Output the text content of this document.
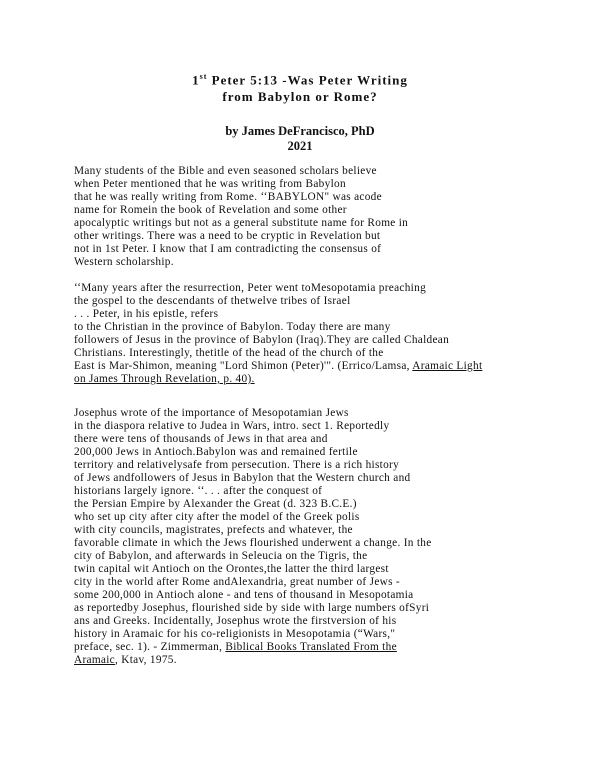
1st Peter 5:13 -Was Peter Writing
from Babylon or Rome?
by James DeFrancisco, PhD
2021
Many students of the Bible and even seasoned scholars believe
when Peter mentioned that he was writing from Babylon
that he was really writing from Rome. ‘‘BABYLON" was acode
name for Romein the book of Revelation and some other
apocalyptic writings but not as a general substitute name for Rome in
other writings. There was a need to be cryptic in Revelation but
not in 1st Peter. I know that I am contradicting the consensus of
Western scholarship.
‘‘Many years after the resurrection, Peter went toMesopotamia preaching
the gospel to the descendants of thetwelve tribes of Israel
. . . Peter, in his epistle, refers
to the Christian in the province of Babylon. Today there are many
followers of Jesus in the province of Babylon (Iraq).They are called Chaldean
Christians. Interestingly, thetitle of the head of the church of the
East is Mar-Shimon, meaning "Lord Shimon (Peter)'". (Errico/Lamsa, Aramaic Light
on James Through Revelation, p. 40).
Josephus wrote of the importance of Mesopotamian Jews
in the diaspora relative to Judea in Wars, intro. sect 1. Reportedly
there were tens of thousands of Jews in that area and
200,000 Jews in Antioch.Babylon was and remained fertile
territory and relativelysafe from persecution. There is a rich history
of Jews andfollowers of Jesus in Babylon that the Western church and
historians largely ignore. ‘‘. . . after the conquest of
the Persian Empire by Alexander the Great (d. 323 B.C.E.)
who set up city after city after the model of the Greek polis
with city councils, magistrates, prefects and whatever, the
favorable climate in which the Jews flourished underwent a change. In the
city of Babylon, and afterwards in Seleucia on the Tigris, the
twin capital wit Antioch on the Orontes,the latter the third largest
city in the world after Rome andAlexandria, great number of Jews -
some 200,000 in Antioch alone - and tens of thousand in Mesopotamia
as reportedby Josephus, flourished side by side with large numbers ofSyri
ans and Greeks. Incidentally, Josephus wrote the firstversion of his
history in Aramaic for his co-religionists in Mesopotamia (“Wars,"
preface, sec. 1). - Zimmerman, Biblical Books Translated From the
Aramaic, Ktav, 1975.
